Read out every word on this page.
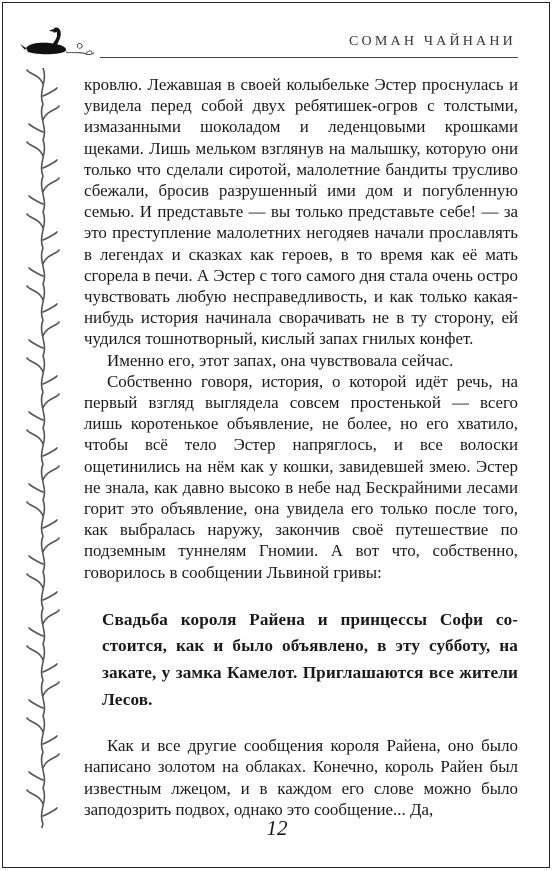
СОМАН ЧАЙНАНИ

кровлю. Лежавшая в своей колыбельке Эстер проснулась и увидела перед собой двух ребятишек-огров с толстыми, измазанными шоколадом и леденцовыми крошками щеками. Лишь мельком взглянув на малышку, которую они только что сделали сиротой, малолетние бандиты трусливо сбежали, бросив разрушенный ими дом и погубленную семью. И представьте — вы только представьте себе! — за это преступление малолетних негодяев начали прославлять в легендах и сказках как героев, в то время как её мать сгорела в печи. А Эстер с того самого дня стала очень остро чувствовать любую несправедливость, и как только какая-нибудь история начинала сворачивать не в ту сторону, ей чудился тошнотворный, кислый запах гнилых конфет.

Именно его, этот запах, она чувствовала сейчас.

Собственно говоря, история, о которой идёт речь, на первый взгляд выглядела совсем простенькой — всего лишь коротенькое объявление, не более, но его хватило, чтобы всё тело Эстер напряглось, и все волоски ощетинились на нём как у кошки, завидевшей змею. Эстер не знала, как давно высоко в небе над Бескрайними лесами горит это объявление, она увидела его только после того, как выбралась наружу, закончив своё путешествие по подземным туннелям Гномии. А вот что, собственно, говорилось в сообщении Львиной гривы:

Свадьба короля Райена и принцессы Софи состоится, как и было объявлено, в эту субботу, на закате, у замка Камелот. Приглашаются все жители Лесов.

Как и все другие сообщения короля Райена, оно было написано золотом на облаках. Конечно, король Райен был известным лжецом, и в каждом его слове можно было заподозрить подвох, однако это сообщение... Да,

12
